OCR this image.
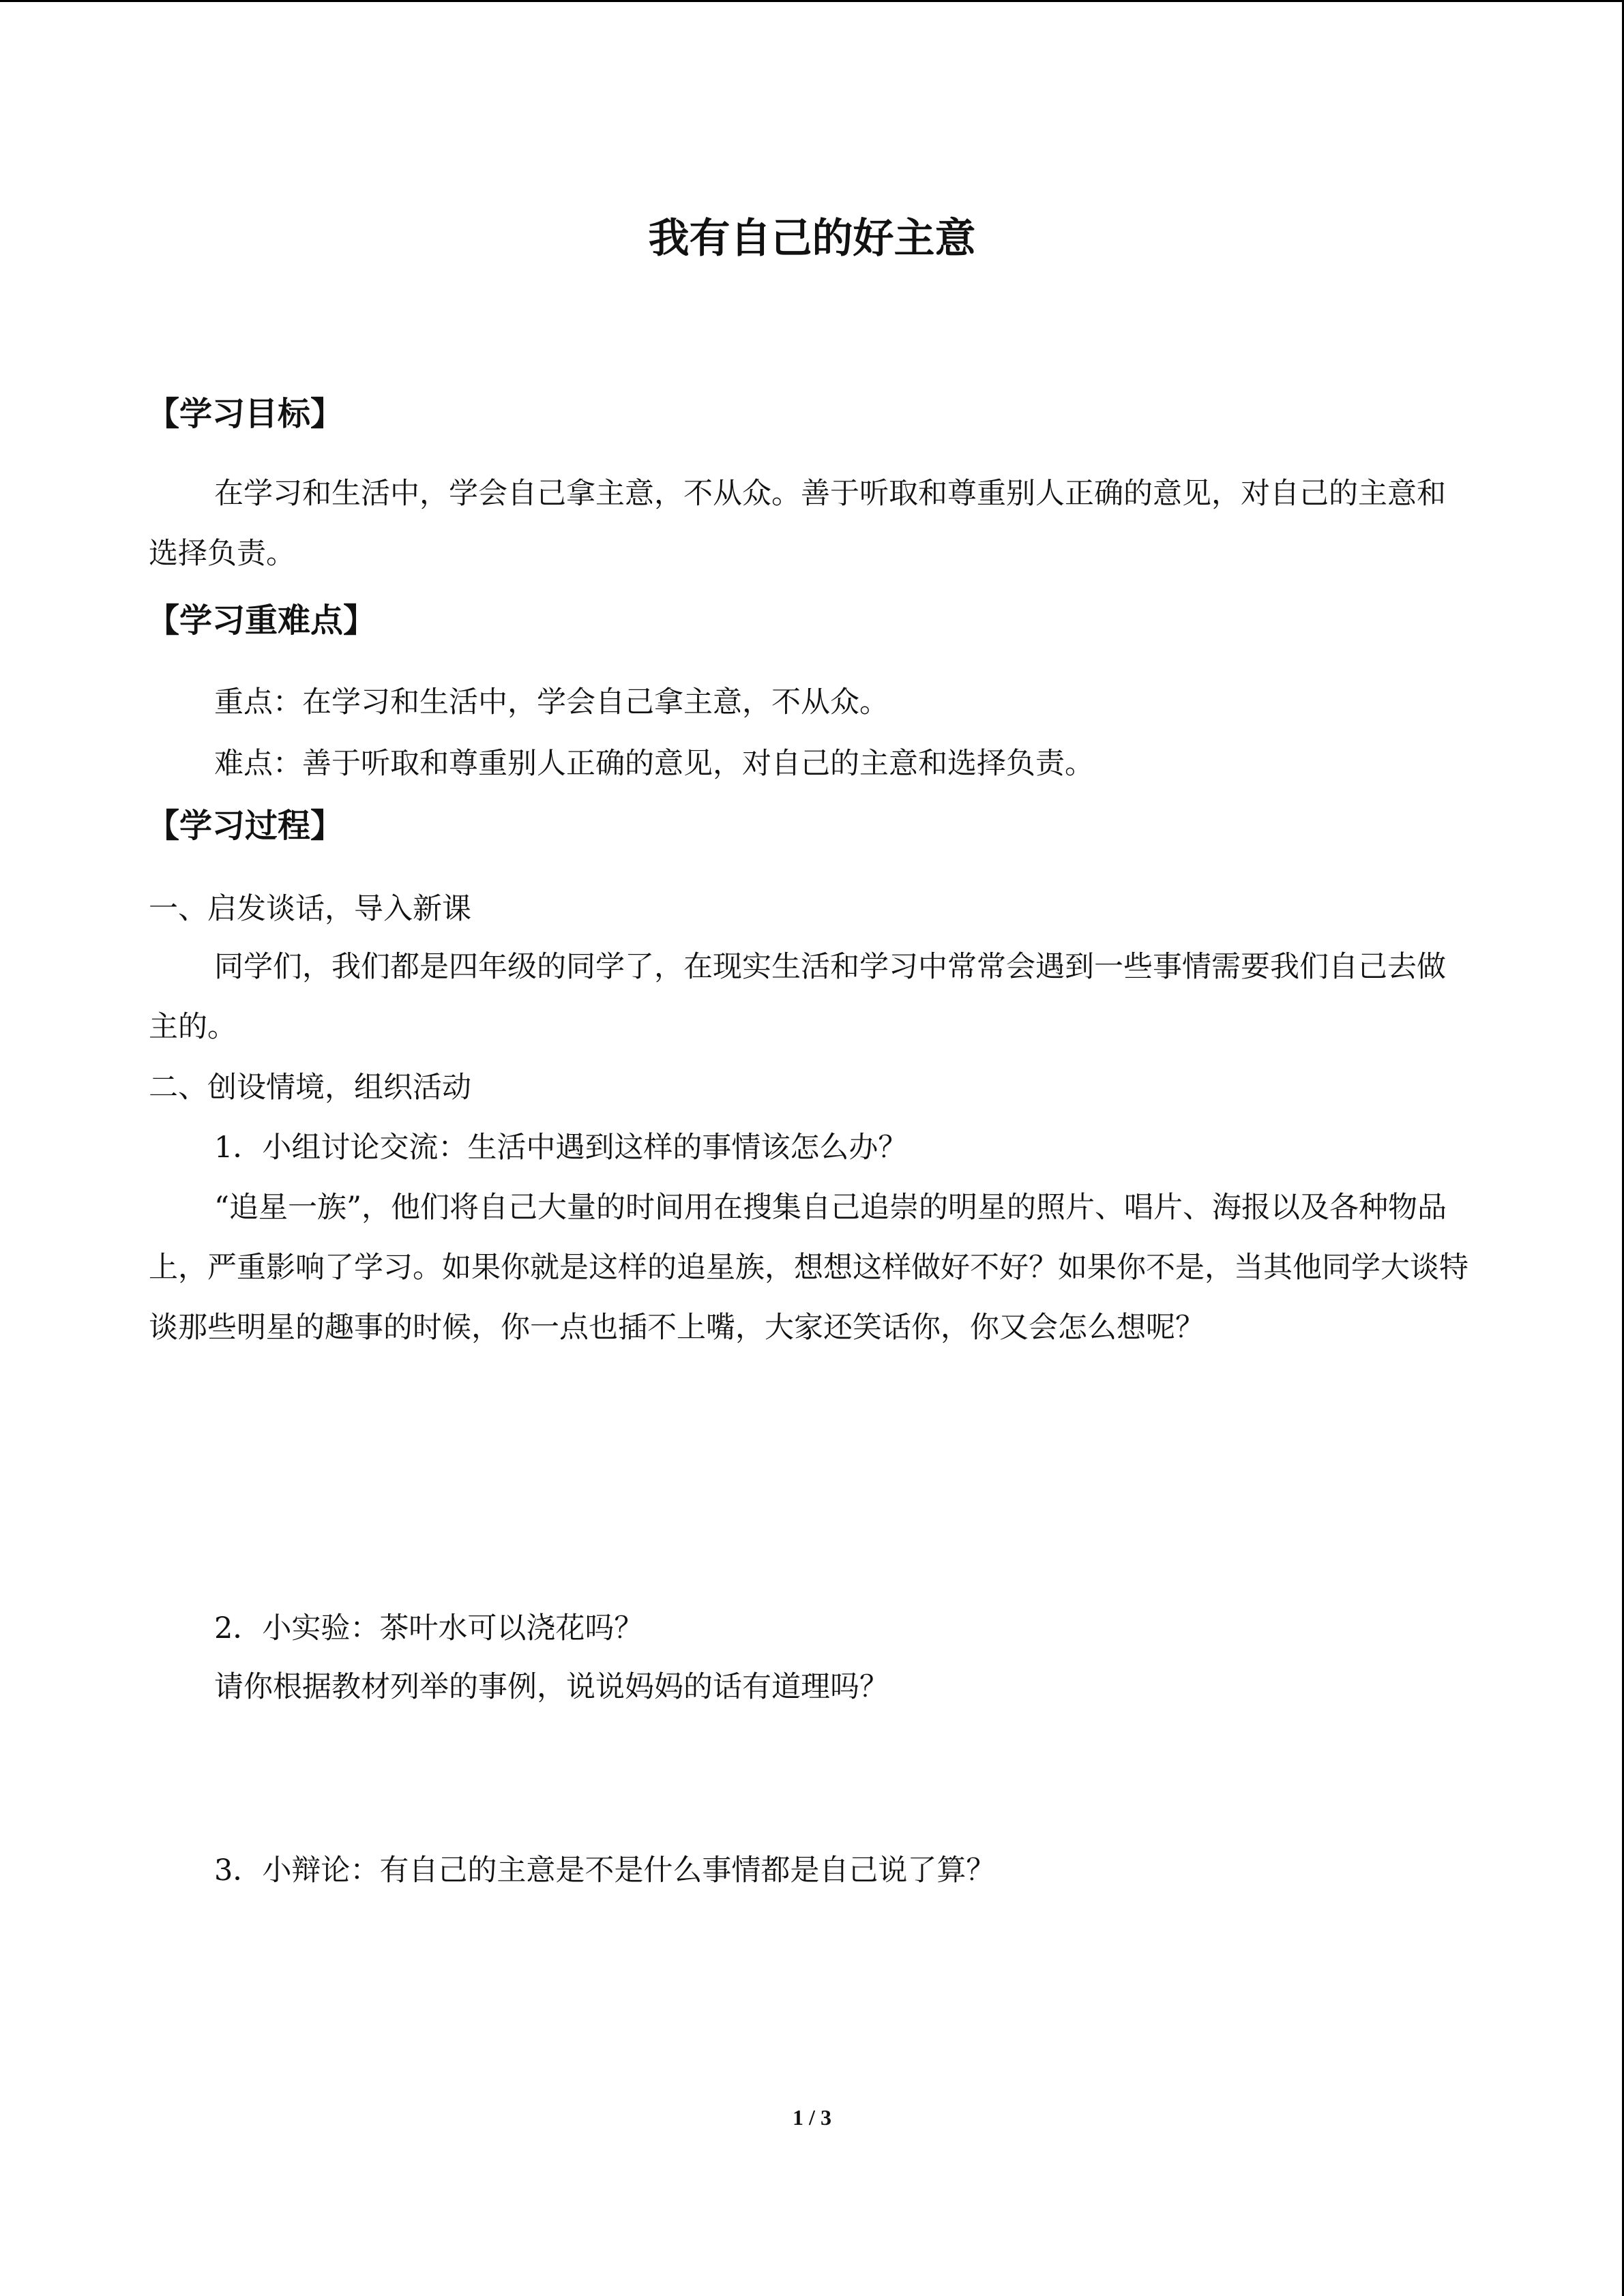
我有自己的好主意
【学习目标】

在学习和生活中，学会自己拿主意，不从众。善于听取和尊重别人正确的意见，对自己的主意和选择负责。

【学习重难点】

重点：在学习和生活中，学会自己拿主意，不从众。

难点：善于听取和尊重别人正确的意见，对自己的主意和选择负责。

【学习过程】

一、启发谈话，导入新课

同学们，我们都是四年级的同学了，在现实生活和学习中常常会遇到一些事情需要我们自己去做主的。

二、创设情境，组织活动

1．小组讨论交流：生活中遇到这样的事情该怎么办？

“追星一族”，他们将自己大量的时间用在搜集自己追崇的明星的照片、唱片、海报以及各种物品上，严重影响了学习。如果你就是这样的追星族，想想这样做好不好？如果你不是，当其他同学大谈特谈那些明星的趣事的时候，你一点也插不上嘴，大家还笑话你，你又会怎么想呢？

2．小实验：茶叶水可以浇花吗？

请你根据教材列举的事例，说说妈妈的话有道理吗？

3．小辩论：有自己的主意是不是什么事情都是自己说了算？

1 / 3
